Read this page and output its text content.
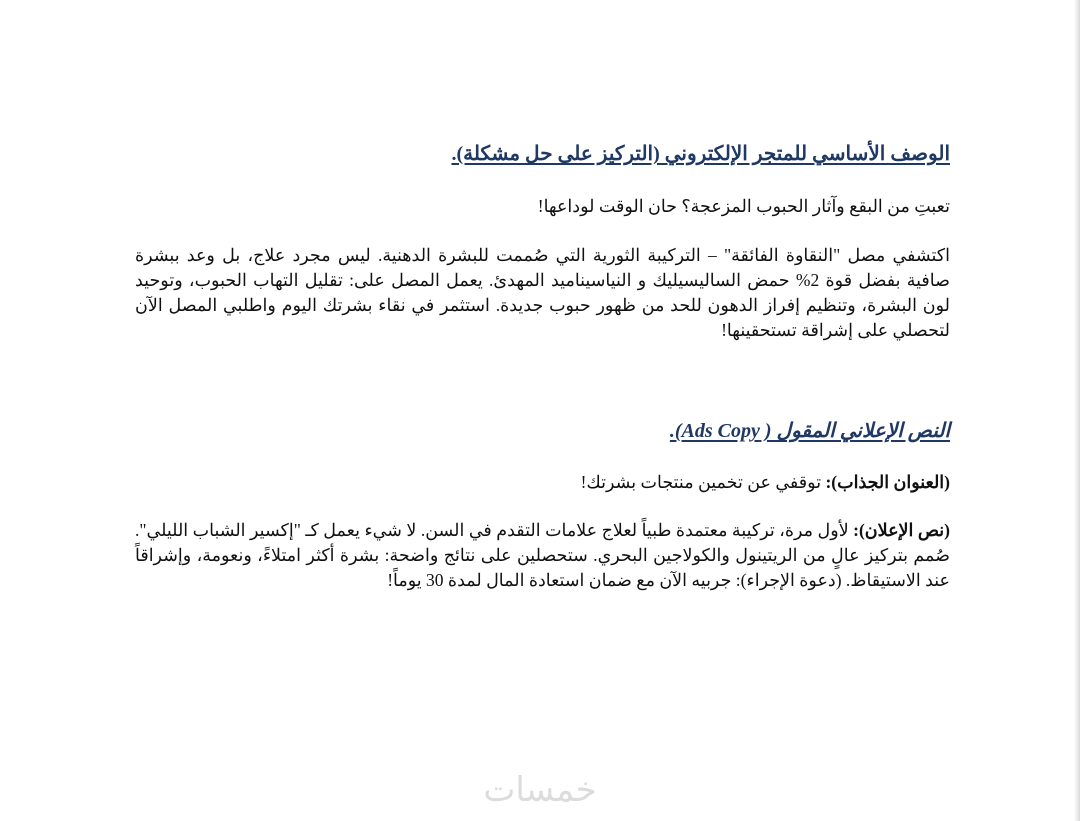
الوصف الأساسي للمتجر الإلكتروني (التركيز على حل مشكلة).
تعبتِ من البقع وآثار الحبوب المزعجة؟ حان الوقت لوداعها!
اكتشفي مصل "النقاوة الفائقة" – التركيبة الثورية التي صُممت للبشرة الدهنية. ليس مجرد علاج، بل وعد ببشرة صافية بفضل قوة 2% حمض الساليسيليك و النياسيناميد المهدئ. يعمل المصل على: تقليل التهاب الحبوب، وتوحيد لون البشرة، وتنظيم إفراز الدهون للحد من ظهور حبوب جديدة. استثمر في نقاء بشرتك اليوم واطلبي المصل الآن لتحصلي على إشراقة تستحقينها!
النص الإعلاني المقول ( Ads Copy).
(العنوان الجذاب): توقفي عن تخمين منتجات بشرتك!
(نص الإعلان): لأول مرة، تركيبة معتمدة طبياً لعلاج علامات التقدم في السن. لا شيء يعمل كـ "إكسير الشباب الليلي". صُمم بتركيز عالٍ من الريتينول والكولاجين البحري. ستحصلين على نتائج واضحة: بشرة أكثر امتلاءً، ونعومة، وإشراقاً عند الاستيقاظ. (دعوة الإجراء): جربيه الآن مع ضمان استعادة المال لمدة 30 يوماً!
خمسات
